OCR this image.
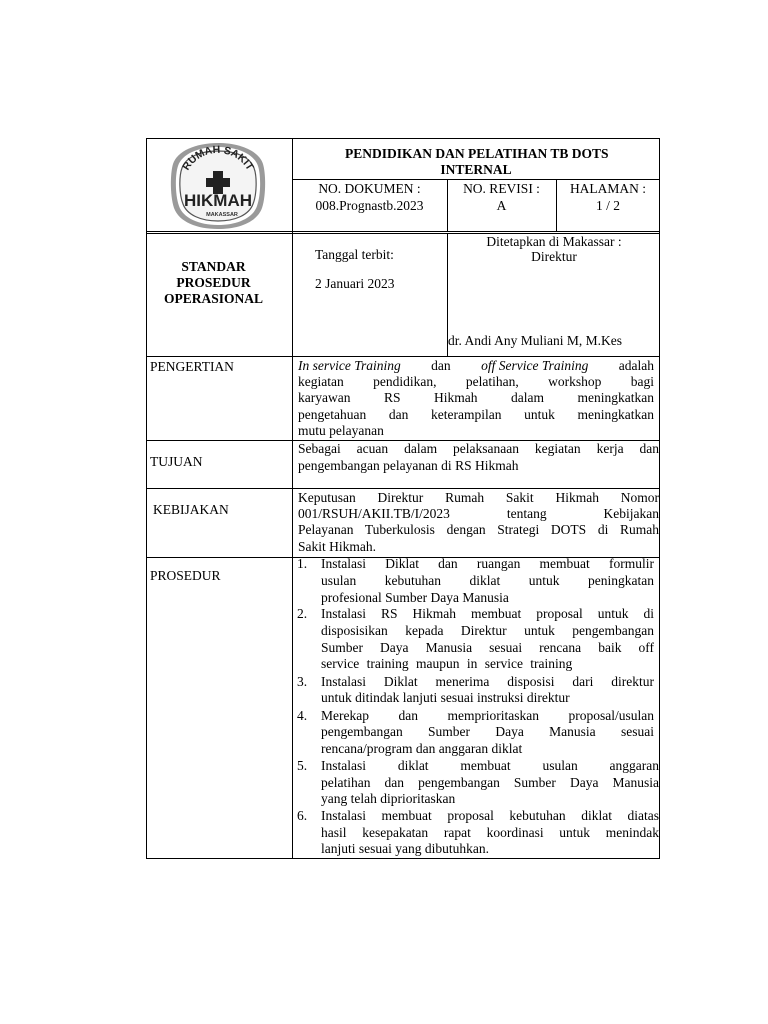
RUMAH SAKIT
HIKMAH
MAKASSAR
PENDIDIKAN DAN PELATIHAN TB DOTS
INTERNAL
NO. DOKUMEN :
008.Prognastb.2023
NO. REVISI :
A
HALAMAN :
1 / 2
STANDAR
PROSEDUR
OPERASIONAL
Tanggal terbit:
2 Januari 2023
Ditetapkan di Makassar :
Direktur
dr. Andi Any Muliani M, M.Kes
PENGERTIAN	In service Training dan off Service Training adalah
kegiatan pendidikan, pelatihan, workshop bagi
karyawan RS Hikmah dalam meningkatkan
pengetahuan dan keterampilan untuk meningkatkan
mutu pelayanan
TUJUAN
Sebagai acuan dalam pelaksanaan kegiatan kerja dan
pengembangan pelayanan di RS Hikmah
KEBIJAKAN
Keputusan Direktur Rumah Sakit Hikmah Nomor
001/RSUH/AKII.TB/I/2023 tentang Kebijakan
Pelayanan Tuberkulosis dengan Strategi DOTS di Rumah
Sakit Hikmah.
PROSEDUR
1. Instalasi Diklat dan ruangan membuat formulir
usulan kebutuhan diklat untuk peningkatan
profesional Sumber Daya Manusia
2. Instalasi RS Hikmah membuat proposal untuk di
disposisikan kepada Direktur untuk pengembangan
Sumber Daya Manusia sesuai rencana baik off
service training maupun in service training
3. Instalasi Diklat menerima disposisi dari direktur
untuk ditindak lanjuti sesuai instruksi direktur
4. Merekap dan memprioritaskan proposal/usulan
pengembangan Sumber Daya Manusia sesuai
rencana/program dan anggaran diklat
5. Instalasi diklat membuat usulan anggaran
pelatihan dan pengembangan Sumber Daya Manusia
yang telah diprioritaskan
6. Instalasi membuat proposal kebutuhan diklat diatas
hasil kesepakatan rapat koordinasi untuk menindak
lanjuti sesuai yang dibutuhkan.
